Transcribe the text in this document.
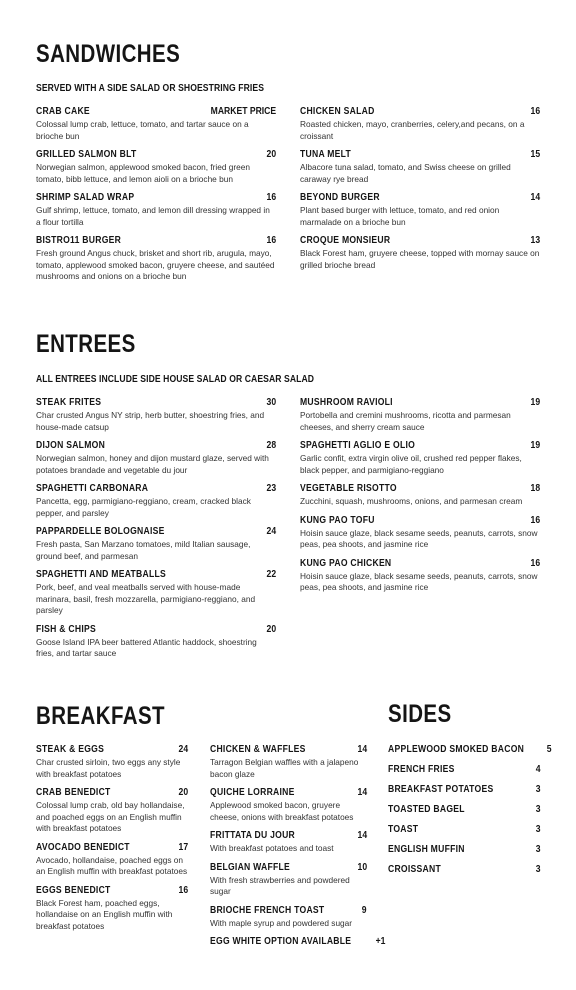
SANDWICHES
SERVED WITH A SIDE SALAD OR SHOESTRING FRIES
CRAB CAKE	MARKET PRICE
Colossal lump crab, lettuce, tomato, and tartar sauce on a brioche bun
GRILLED SALMON BLT	20
Norwegian salmon, applewood smoked bacon, fried green tomato, bibb lettuce, and lemon aioli on a brioche bun
SHRIMP SALAD WRAP	16
Gulf shrimp, lettuce, tomato, and lemon dill dressing wrapped in a flour tortilla
BISTRO11 BURGER	16
Fresh ground Angus chuck, brisket and short rib, arugula, mayo, tomato, applewood smoked bacon, gruyere cheese, and sautéed mushrooms and onions on a brioche bun
CHICKEN SALAD	16
Roasted chicken, mayo, cranberries, celery,and pecans, on a croissant
TUNA MELT	15
Albacore tuna salad, tomato, and Swiss cheese on grilled caraway rye bread
BEYOND BURGER	14
Plant based burger with lettuce, tomato, and red onion marmalade on a brioche bun
CROQUE MONSIEUR	13
Black Forest ham, gruyere cheese, topped with mornay sauce on grilled brioche bread
ENTREES
ALL ENTREES INCLUDE SIDE HOUSE SALAD OR CAESAR SALAD
STEAK FRITES	30
Char crusted Angus NY strip, herb butter, shoestring fries, and house-made catsup
DIJON SALMON	28
Norwegian salmon, honey and dijon mustard glaze, served with potatoes brandade and vegetable du jour
SPAGHETTI CARBONARA	23
Pancetta, egg, parmigiano-reggiano, cream, cracked black pepper, and parsley
PAPPARDELLE BOLOGNAISE	24
Fresh pasta, San Marzano tomatoes, mild Italian sausage, ground beef, and parmesan
SPAGHETTI AND MEATBALLS	22
Pork, beef, and veal meatballs served with house-made marinara, basil, fresh mozzarella, parmigiano-reggiano, and parsley
FISH & CHIPS	20
Goose Island IPA beer battered Atlantic haddock, shoestring fries, and tartar sauce
MUSHROOM RAVIOLI	19
Portobella and cremini mushrooms, ricotta and parmesan cheeses, and sherry cream sauce
SPAGHETTI AGLIO E OLIO	19
Garlic confit, extra virgin olive oil, crushed red pepper flakes, black pepper, and parmigiano-reggiano
VEGETABLE RISOTTO	18
Zucchini, squash, mushrooms, onions, and parmesan cream
KUNG PAO TOFU	16
Hoisin sauce glaze, black sesame seeds, peanuts, carrots, snow peas, pea shoots, and jasmine rice
KUNG PAO CHICKEN	16
Hoisin sauce glaze, black sesame seeds, peanuts, carrots, snow peas, pea shoots, and jasmine rice
BREAKFAST
STEAK & EGGS	24
Char crusted sirloin, two eggs any style with breakfast potatoes
CRAB BENEDICT	20
Colossal lump crab, old bay hollandaise, and poached eggs on an English muffin with breakfast potatoes
AVOCADO BENEDICT	17
Avocado, hollandaise, poached eggs on an English muffin with breakfast potatoes
EGGS BENEDICT	16
Black Forest ham, poached eggs, hollandaise on an English muffin with breakfast potatoes
CHICKEN & WAFFLES	14
Tarragon Belgian waffles with a jalapeno bacon glaze
QUICHE LORRAINE	14
Applewood smoked bacon, gruyere cheese, onions with breakfast potatoes
FRITTATA DU JOUR	14
With breakfast potatoes and toast
BELGIAN WAFFLE	10
With fresh strawberries and powdered sugar
BRIOCHE FRENCH TOAST	9
With maple syrup and powdered sugar
EGG WHITE OPTION AVAILABLE +1
SIDES
APPLEWOOD SMOKED BACON 5
FRENCH FRIES	4
BREAKFAST POTATOES	3
TOASTED BAGEL	3
TOAST	3
ENGLISH MUFFIN	3
CROISSANT	3
